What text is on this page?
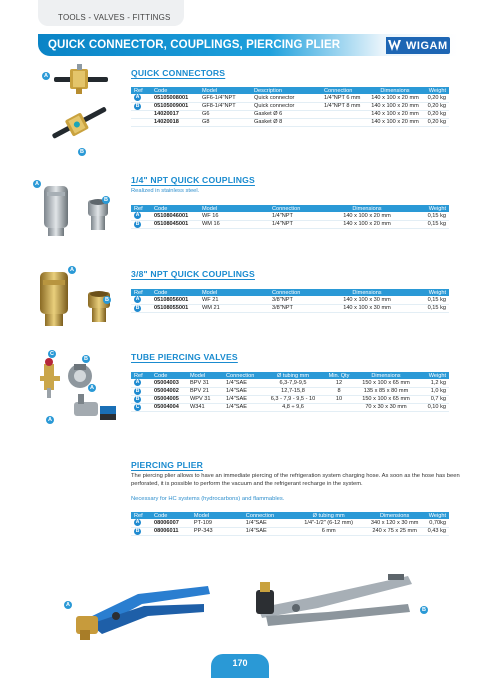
TOOLS - VALVES - FITTINGS
QUICK CONNECTOR, COUPLINGS, PIERCING PLIER	WIGAM
A
B
QUICK CONNECTORS
Ref	Code	Model	Description	Connection	Dimensions	Weight
A	05105008001	GF6-1/4"NPT	Quick connector	1/4"NPT 6 mm	140 x 100 x 20 mm	0,20 kg
B	05105009001	GF8-1/4"NPT	Quick connector	1/4"NPT 8 mm	140 x 100 x 20 mm	0,20 kg
	14020017	G6	Gasket Ø 6		140 x 100 x 20 mm	0,20 kg
	14020018	G8	Gasket Ø 8		140 x 100 x 20 mm	0,20 kg
A
B
1/4" NPT QUICK COUPLINGS
Realized in stainless steel.
Ref	Code	Model	Connection	Dimensions	Weight
A	05108046001	WF 16	1/4"NPT	140 x 100 x 20 mm	0,15 kg
B	05108045001	WM 16	1/4"NPT	140 x 100 x 20 mm	0,15 kg
A
B
3/8" NPT QUICK COUPLINGS
Ref	Code	Model	Connection	Dimensions	Weight
A	05108056001	WF 21	3/8"NPT	140 x 100 x 30 mm	0,15 kg
B	05108055001	WM 21	3/8"NPT	140 x 100 x 30 mm	0,15 kg
C
B
A
A
TUBE PIERCING VALVES
Ref	Code	Model	Connection	Ø tubing mm	Min. Qty	Dimensions	Weight
A	05004003	BPV 31	1/4"SAE	6,3-7,9-9,5	12	150 x 100 x 65 mm	1,2 kg
B	05004002	BPV 21	1/4"SAE	12,7-15,8	8	135 x 85 x 80 mm	1,0 kg
B	05004005	WPV 31	1/4"SAE	6,3 - 7,9 - 9,5 - 10	10	150 x 100 x 65 mm	0,7 kg
C	05004004	W341	1/4"SAE	4,8 ÷ 9,6		70 x 30 x 30 mm	0,10 kg
PIERCING PLIER
The piercing plier allows to have an immediate piercing of the refrigeration system charging hose. As soon as the hose has been perforated, it is possible to perform the vacuum and the refrigerant recharge in the system.
Necessary for HC systems (hydrocarbons) and flammables.
Ref	Code	Model	Connection	Ø tubing mm	Dimensions	Weight
A	08006007	PT-109	1/4"SAE	1/4"-1/2" (6-12 mm)	340 x 120 x 30 mm	0,70kg
B	08006011	PP-343	1/4"SAE	6 mm	240 x 75 x 25 mm	0,43 kg
A
B
170
